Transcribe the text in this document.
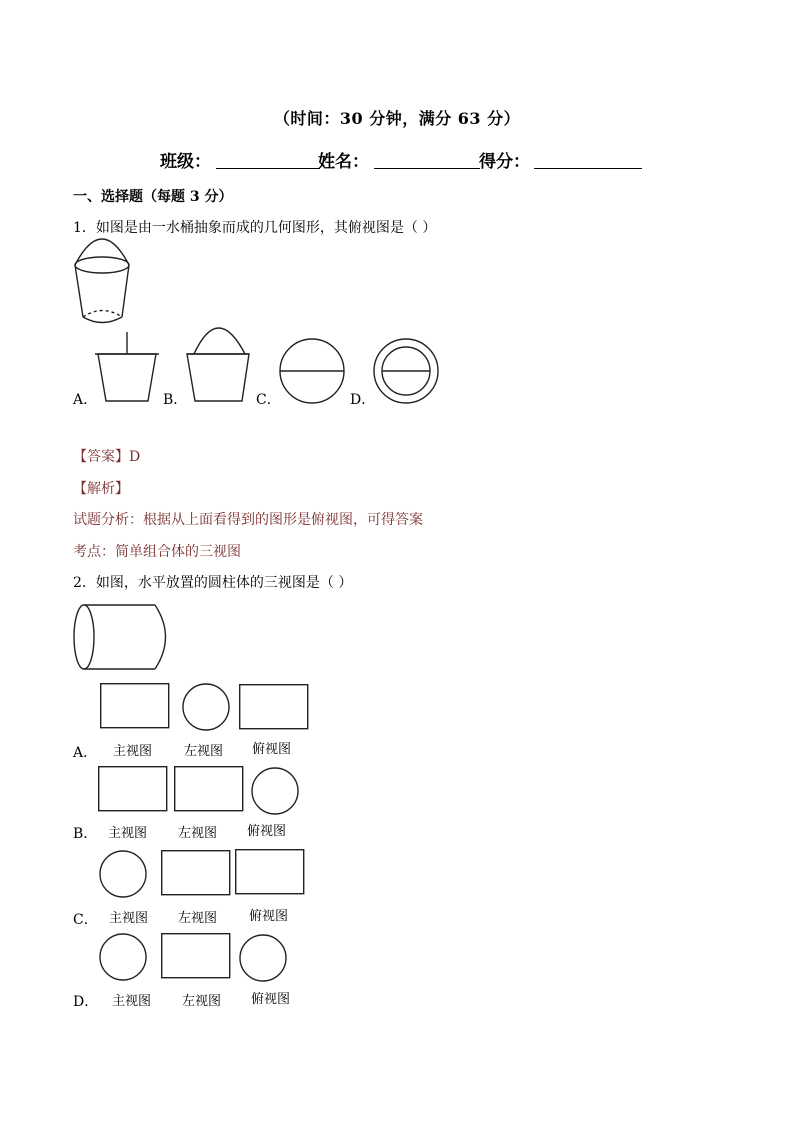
（时间：30 分钟，满分 63 分）
班级：	姓名：	得分：
一、选择题（每题 3 分）
1．如图是由一水桶抽象而成的几何图形，其俯视图是（ ）
A．	B．	C．	D．
【答案】D
【解析】
试题分析：根据从上面看得到的图形是俯视图，可得答案
考点：简单组合体的三视图
2．如图，水平放置的圆柱体的三视图是（ ）
A． 主视图 左视图 俯视图
B． 主视图 左视图 俯视图
C． 主视图 左视图 俯视图
D． 主视图 左视图 俯视图
